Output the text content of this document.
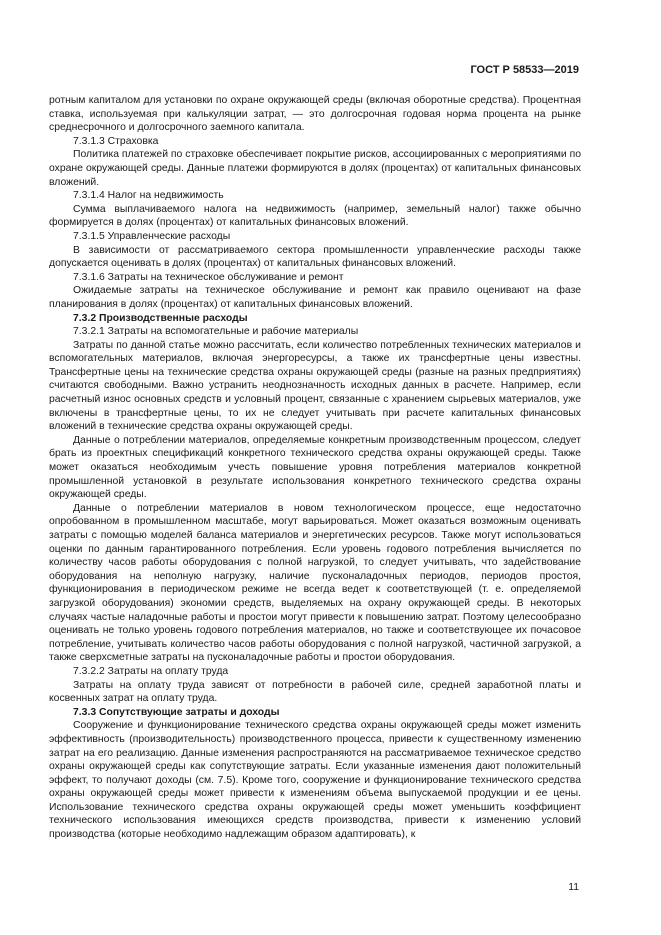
ГОСТ Р 58533—2019

ротным капиталом для установки по охране окружающей среды (включая оборотные средства). Процентная ставка, используемая при калькуляции затрат, — это долгосрочная годовая норма процента на рынке среднесрочного и долгосрочного заемного капитала.

7.3.1.3 Страховка

Политика платежей по страховке обеспечивает покрытие рисков, ассоциированных с мероприятиями по охране окружающей среды. Данные платежи формируются в долях (процентах) от капитальных финансовых вложений.

7.3.1.4 Налог на недвижимость

Сумма выплачиваемого налога на недвижимость (например, земельный налог) также обычно формируется в долях (процентах) от капитальных финансовых вложений.

7.3.1.5 Управленческие расходы

В зависимости от рассматриваемого сектора промышленности управленческие расходы также допускается оценивать в долях (процентах) от капитальных финансовых вложений.

7.3.1.6 Затраты на техническое обслуживание и ремонт

Ожидаемые затраты на техническое обслуживание и ремонт как правило оценивают на фазе планирования в долях (процентах) от капитальных финансовых вложений.

7.3.2 Производственные расходы

7.3.2.1 Затраты на вспомогательные и рабочие материалы

Затраты по данной статье можно рассчитать, если количество потребленных технических материалов и вспомогательных материалов, включая энергоресурсы, а также их трансфертные цены известны. Трансфертные цены на технические средства охраны окружающей среды (разные на разных предприятиях) считаются свободными. Важно устранить неоднозначность исходных данных в расчете. Например, если расчетный износ основных средств и условный процент, связанные с хранением сырьевых материалов, уже включены в трансфертные цены, то их не следует учитывать при расчете капитальных финансовых вложений в технические средства охраны окружающей среды.

Данные о потреблении материалов, определяемые конкретным производственным процессом, следует брать из проектных спецификаций конкретного технического средства охраны окружающей среды. Также может оказаться необходимым учесть повышение уровня потребления материалов конкретной промышленной установкой в результате использования конкретного технического средства охраны окружающей среды.

Данные о потреблении материалов в новом технологическом процессе, еще недостаточно опробованном в промышленном масштабе, могут варьироваться. Может оказаться возможным оценивать затраты с помощью моделей баланса материалов и энергетических ресурсов. Также могут использоваться оценки по данным гарантированного потребления. Если уровень годового потребления вычисляется по количеству часов работы оборудования с полной нагрузкой, то следует учитывать, что задействование оборудования на неполную нагрузку, наличие пусконаладочных периодов, периодов простоя, функционирования в периодическом режиме не всегда ведет к соответствующей (т. е. определяемой загрузкой оборудования) экономии средств, выделяемых на охрану окружающей среды. В некоторых случаях частые наладочные работы и простои могут привести к повышению затрат. Поэтому целесообразно оценивать не только уровень годового потребления материалов, но также и соответствующее их почасовое потребление, учитывать количество часов работы оборудования с полной нагрузкой, частичной загрузкой, а также сверхсметные затраты на пусконаладочные работы и простои оборудования.

7.3.2.2 Затраты на оплату труда

Затраты на оплату труда зависят от потребности в рабочей силе, средней заработной платы и косвенных затрат на оплату труда.

7.3.3 Сопутствующие затраты и доходы

Сооружение и функционирование технического средства охраны окружающей среды может изменить эффективность (производительность) производственного процесса, привести к существенному изменению затрат на его реализацию. Данные изменения распространяются на рассматриваемое техническое средство охраны окружающей среды как сопутствующие затраты. Если указанные изменения дают положительный эффект, то получают доходы (см. 7.5). Кроме того, сооружение и функционирование технического средства охраны окружающей среды может привести к изменениям объема выпускаемой продукции и ее цены. Использование технического средства охраны окружающей среды может уменьшить коэффициент технического использования имеющихся средств производства, привести к изменению условий производства (которые необходимо надлежащим образом адаптировать), к

11
